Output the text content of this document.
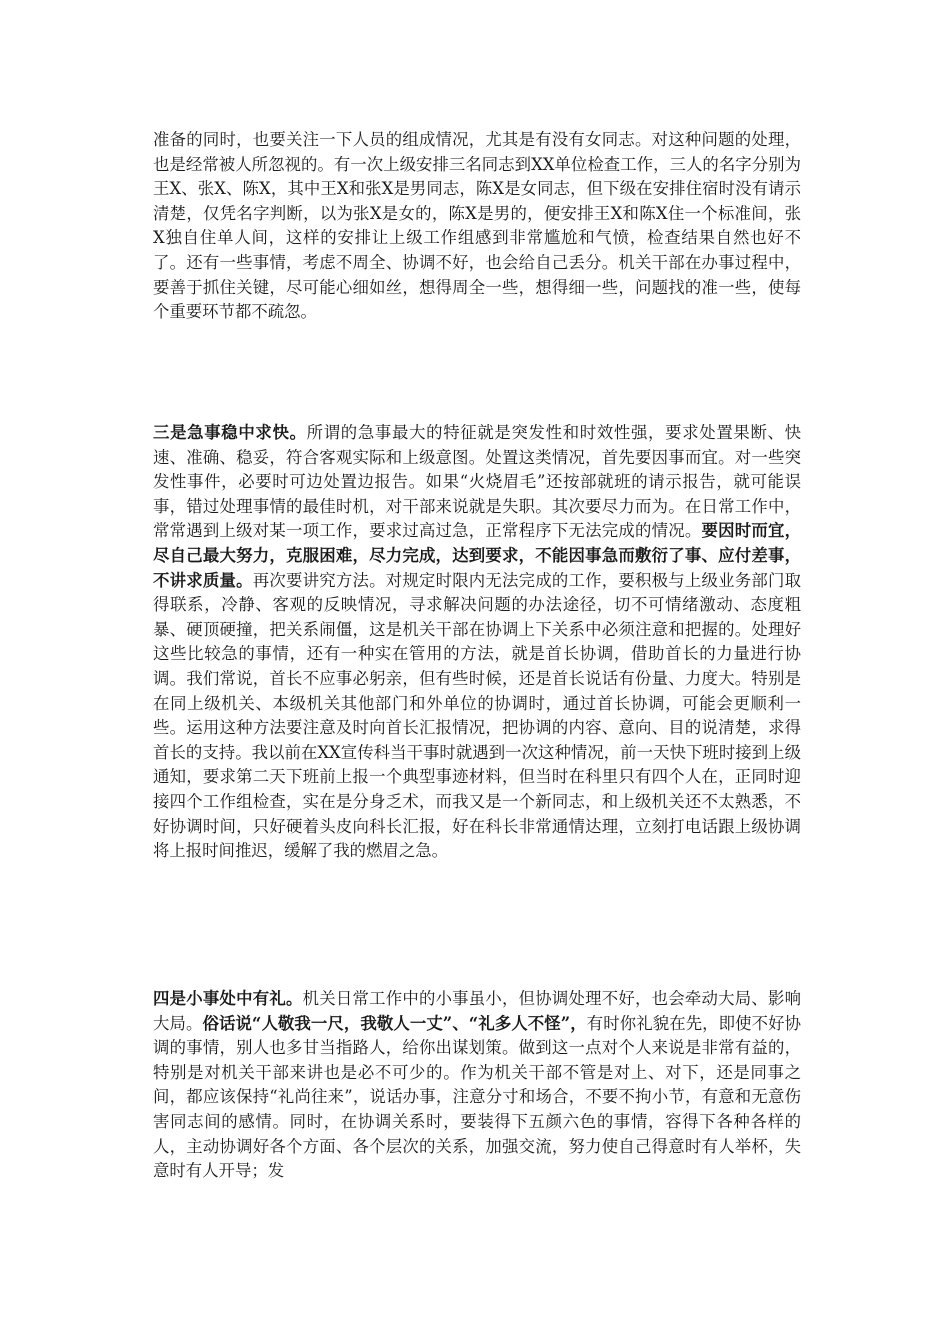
准备的同时，也要关注一下人员的组成情况，尤其是有没有女同志。对这种问题的处理，也是经常被人所忽视的。有一次上级安排三名同志到XX单位检查工作，三人的名字分别为王X、张X、陈X，其中王X和张X是男同志，陈X是女同志，但下级在安排住宿时没有请示清楚，仅凭名字判断，以为张X是女的，陈X是男的，便安排王X和陈X住一个标准间，张X独自住单人间，这样的安排让上级工作组感到非常尴尬和气愤，检查结果自然也好不了。还有一些事情，考虑不周全、协调不好，也会给自己丢分。机关干部在办事过程中，要善于抓住关键，尽可能心细如丝，想得周全一些，想得细一些，问题找的准一些，使每个重要环节都不疏忽。

三是急事稳中求快。所谓的急事最大的特征就是突发性和时效性强，要求处置果断、快速、准确、稳妥，符合客观实际和上级意图。处置这类情况，首先要因事而宜。对一些突发性事件，必要时可边处置边报告。如果“火烧眉毛”还按部就班的请示报告，就可能误事，错过处理事情的最佳时机，对干部来说就是失职。其次要尽力而为。在日常工作中，常常遇到上级对某一项工作，要求过高过急，正常程序下无法完成的情况。要因时而宜，尽自己最大努力，克服困难，尽力完成，达到要求，不能因事急而敷衍了事、应付差事，不讲求质量。再次要讲究方法。对规定时限内无法完成的工作，要积极与上级业务部门取得联系，冷静、客观的反映情况，寻求解决问题的办法途径，切不可情绪激动、态度粗暴、硬顶硬撞，把关系闹僵，这是机关干部在协调上下关系中必须注意和把握的。处理好这些比较急的事情，还有一种实在管用的方法，就是首长协调，借助首长的力量进行协调。我们常说，首长不应事必躬亲，但有些时候，还是首长说话有份量、力度大。特别是在同上级机关、本级机关其他部门和外单位的协调时，通过首长协调，可能会更顺利一些。运用这种方法要注意及时向首长汇报情况，把协调的内容、意向、目的说清楚，求得首长的支持。我以前在XX宣传科当干事时就遇到一次这种情况，前一天快下班时接到上级通知，要求第二天下班前上报一个典型事迹材料，但当时在科里只有四个人在，正同时迎接四个工作组检查，实在是分身乏术，而我又是一个新同志，和上级机关还不太熟悉，不好协调时间，只好硬着头皮向科长汇报，好在科长非常通情达理，立刻打电话跟上级协调将上报时间推迟，缓解了我的燃眉之急。

四是小事处中有礼。机关日常工作中的小事虽小，但协调处理不好，也会牵动大局、影响大局。俗话说“人敬我一尺，我敬人一丈”、“礼多人不怪”，有时你礼貌在先，即使不好协调的事情，别人也多甘当指路人，给你出谋划策。做到这一点对个人来说是非常有益的，特别是对机关干部来讲也是必不可少的。作为机关干部不管是对上、对下，还是同事之间，都应该保持“礼尚往来”，说话办事，注意分寸和场合，不要不拘小节，有意和无意伤害同志间的感情。同时，在协调关系时，要装得下五颜六色的事情，容得下各种各样的人，主动协调好各个方面、各个层次的关系，加强交流，努力使自己得意时有人举杯，失意时有人开导；发
